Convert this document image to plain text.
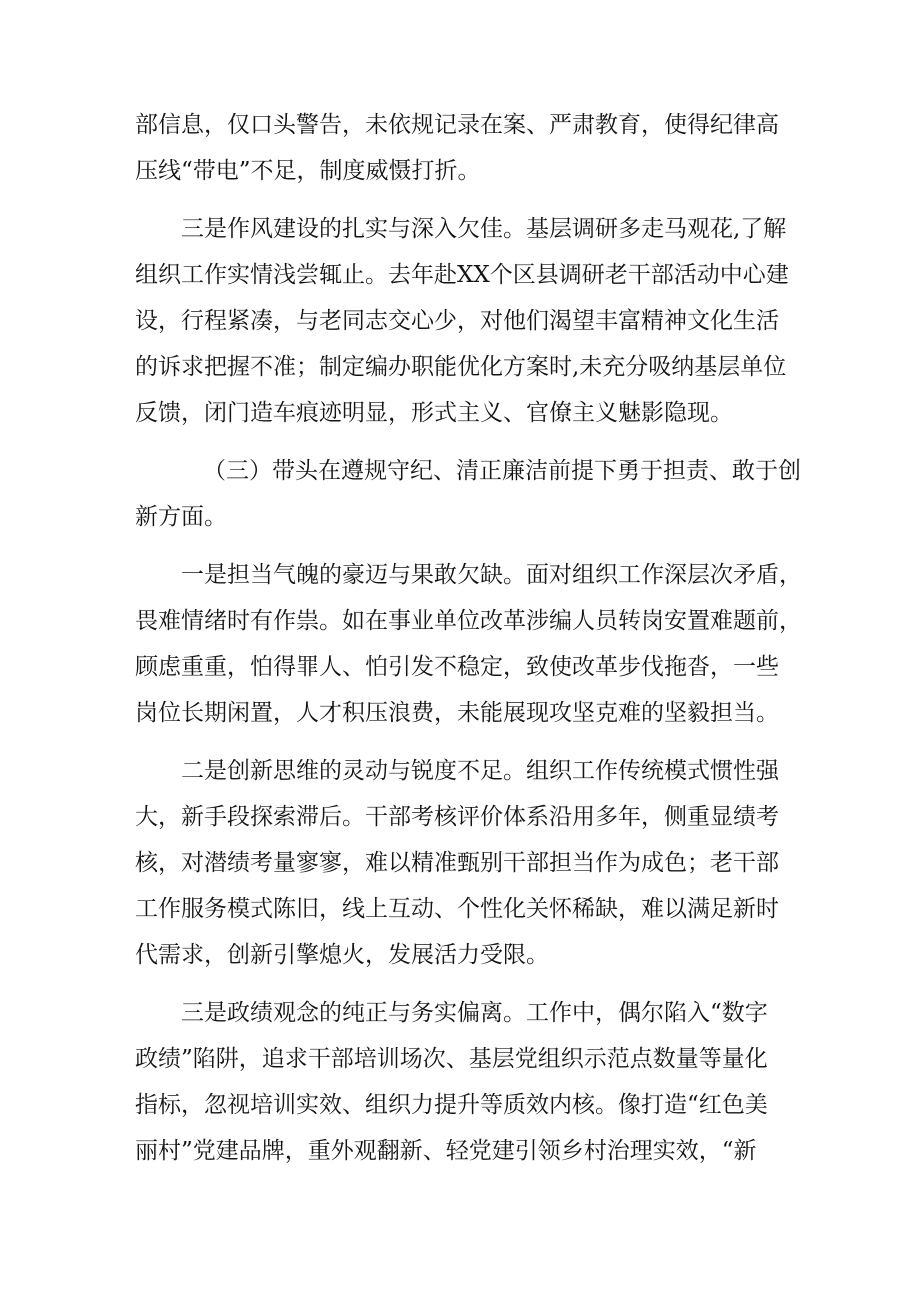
部信息，仅口头警告，未依规记录在案、严肃教育，使得纪律高
压线“带电”不足，制度威慑打折。
三是作风建设的扎实与深入欠佳。基层调研多走马观花,了解
组织工作实情浅尝辄止。去年赴XX个区县调研老干部活动中心建
设，行程紧凑，与老同志交心少，对他们渴望丰富精神文化生活
的诉求把握不准；制定编办职能优化方案时,未充分吸纳基层单位
反馈，闭门造车痕迹明显，形式主义、官僚主义魅影隐现。
（三）带头在遵规守纪、清正廉洁前提下勇于担责、敢于创
新方面。
一是担当气魄的豪迈与果敢欠缺。面对组织工作深层次矛盾，
畏难情绪时有作祟。如在事业单位改革涉编人员转岗安置难题前，
顾虑重重，怕得罪人、怕引发不稳定，致使改革步伐拖沓，一些
岗位长期闲置，人才积压浪费，未能展现攻坚克难的坚毅担当。
二是创新思维的灵动与锐度不足。组织工作传统模式惯性强
大，新手段探索滞后。干部考核评价体系沿用多年，侧重显绩考
核，对潜绩考量寥寥，难以精准甄别干部担当作为成色；老干部
工作服务模式陈旧，线上互动、个性化关怀稀缺，难以满足新时
代需求，创新引擎熄火，发展活力受限。
三是政绩观念的纯正与务实偏离。工作中，偶尔陷入“数字
政绩”陷阱，追求干部培训场次、基层党组织示范点数量等量化
指标，忽视培训实效、组织力提升等质效内核。像打造“红色美
丽村”党建品牌，重外观翻新、轻党建引领乡村治理实效，“新
